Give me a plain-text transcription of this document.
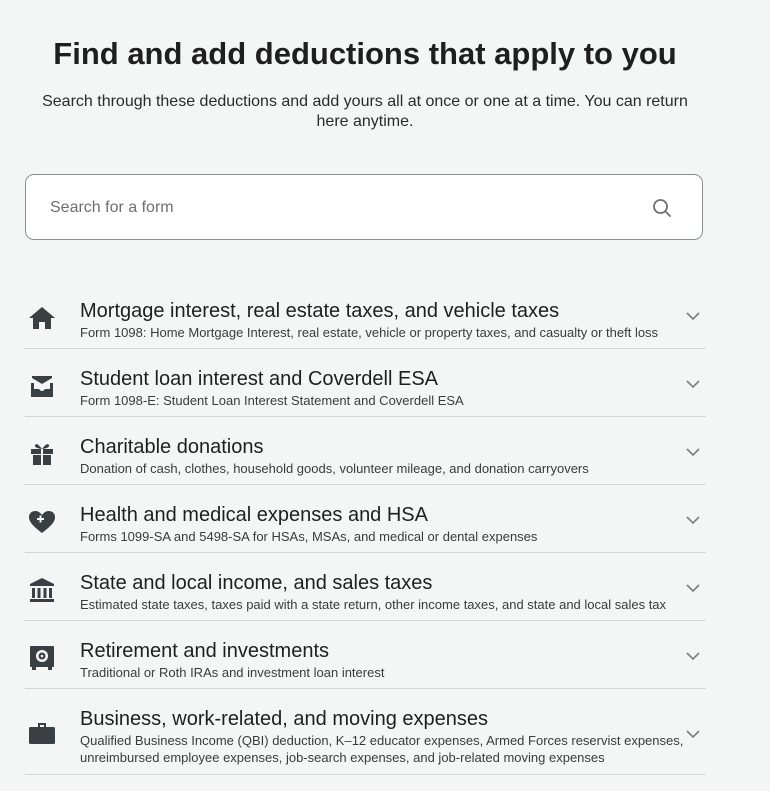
Find and add deductions that apply to you

Search through these deductions and add yours all at once or one at a time. You can return here anytime.

Search for a form
Mortgage interest, real estate taxes, and vehicle taxes
Form 1098: Home Mortgage Interest, real estate, vehicle or property taxes, and casualty or theft loss
Student loan interest and Coverdell ESA
Form 1098-E: Student Loan Interest Statement and Coverdell ESA
Charitable donations
Donation of cash, clothes, household goods, volunteer mileage, and donation carryovers
Health and medical expenses and HSA
Forms 1099-SA and 5498-SA for HSAs, MSAs, and medical or dental expenses
State and local income, and sales taxes
Estimated state taxes, taxes paid with a state return, other income taxes, and state and local sales tax
Retirement and investments
Traditional or Roth IRAs and investment loan interest
Business, work-related, and moving expenses
Qualified Business Income (QBI) deduction, K–12 educator expenses, Armed Forces reservist expenses, unreimbursed employee expenses, job-search expenses, and job-related moving expenses
